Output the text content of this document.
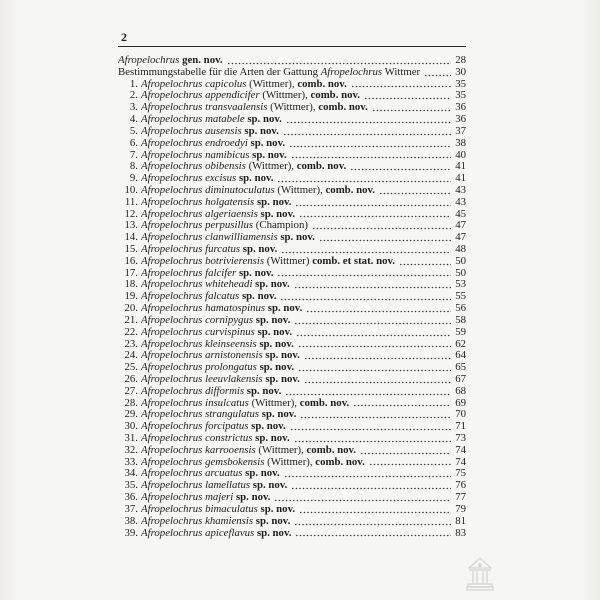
2
Afropelochrus gen. nov.	28
Bestimmungstabelle für die Arten der Gattung Afropelochrus Wittmer	30
1. Afropelochrus capicolus (Wittmer), comb. nov.	35
2. Afropelochrus appendicifer (Wittmer), comb. nov.	35
3. Afropelochrus transvaalensis (Wittmer), comb. nov.	36
4. Afropelochrus matabele sp. nov.	36
5. Afropelochrus ausensis sp. nov.	37
6. Afropelochrus endroedyi sp. nov.	38
7. Afropelochrus namibicus sp. nov.	40
8. Afropelochrus obibensis (Wittmer), comb. nov.	41
9. Afropelochrus excisus sp. nov.	41
10. Afropelochrus diminutoculatus (Wittmer), comb. nov.	43
11. Afropelochrus holgatensis sp. nov.	43
12. Afropelochrus algeriaensis sp. nov.	45
13. Afropelochrus perpusillus (Champion)	47
14. Afropelochrus clanwilliamensis sp. nov.	47
15. Afropelochrus furcatus sp. nov.	48
16. Afropelochrus botrivierensis (Wittmer) comb. et stat. nov.	50
17. Afropelochrus falcifer sp. nov.	50
18. Afropelochrus whiteheadi sp. nov.	53
19. Afropelochrus falcatus sp. nov.	55
20. Afropelochrus hamatospinus sp. nov.	56
21. Afropelochrus cornipygus sp. nov.	58
22. Afropelochrus curvispinus sp. nov.	59
23. Afropelochrus kleinseensis sp. nov.	62
24. Afropelochrus arnistonensis sp. nov.	64
25. Afropelochrus prolongatus sp. nov.	65
26. Afropelochrus leeuvlakensis sp. nov.	67
27. Afropelochrus difformis sp. nov.	68
28. Afropelochrus insulcatus (Wittmer), comb. nov.	69
29. Afropelochrus strangulatus sp. nov.	70
30. Afropelochrus forcipatus sp. nov.	71
31. Afropelochrus constrictus sp. nov.	73
32. Afropelochrus karrooensis (Wittmer), comb. nov.	74
33. Afropelochrus gemsbokensis (Wittmer), comb. nov.	74
34. Afropelochrus arcuatus sp. nov.	75
35. Afropelochrus lamellatus sp. nov.	76
36. Afropelochrus majeri sp. nov.	77
37. Afropelochrus bimaculatus sp. nov.	79
38. Afropelochrus khamiensis sp. nov.	81
39. Afropelochrus apiceflavus sp. nov.	83
